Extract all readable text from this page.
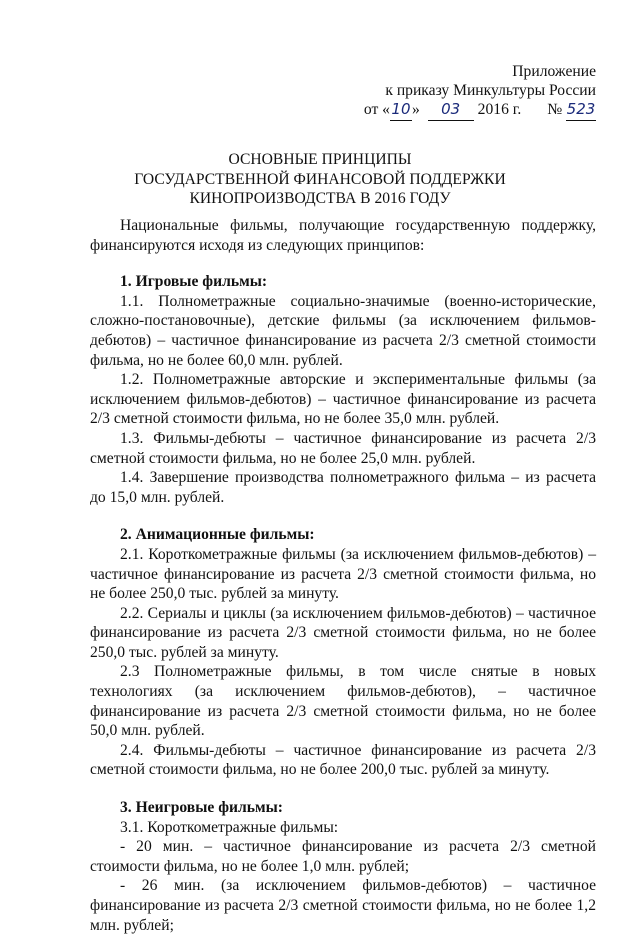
Приложение
к приказу Минкультуры России
от «10» 03 2016 г. № 523
ОСНОВНЫЕ ПРИНЦИПЫ
ГОСУДАРСТВЕННОЙ ФИНАНСОВОЙ ПОДДЕРЖКИ
КИНОПРОИЗВОДСТВА В 2016 ГОДУ

Национальные фильмы, получающие государственную поддержку, финансируются исходя из следующих принципов:

1. Игровые фильмы:

1.1. Полнометражные социально-значимые (военно-исторические, сложно-постановочные), детские фильмы (за исключением фильмов-дебютов) – частичное финансирование из расчета 2/3 сметной стоимости фильма, но не более 60,0 млн. рублей.

1.2. Полнометражные авторские и экспериментальные фильмы (за исключением фильмов-дебютов) – частичное финансирование из расчета 2/3 сметной стоимости фильма, но не более 35,0 млн. рублей.

1.3. Фильмы-дебюты – частичное финансирование из расчета 2/3 сметной стоимости фильма, но не более 25,0 млн. рублей.

1.4. Завершение производства полнометражного фильма – из расчета до 15,0 млн. рублей.

2. Анимационные фильмы:

2.1. Короткометражные фильмы (за исключением фильмов-дебютов) – частичное финансирование из расчета 2/3 сметной стоимости фильма, но не более 250,0 тыс. рублей за минуту.

2.2. Сериалы и циклы (за исключением фильмов-дебютов) – частичное финансирование из расчета 2/3 сметной стоимости фильма, но не более 250,0 тыс. рублей за минуту.

2.3 Полнометражные фильмы, в том числе снятые в новых технологиях (за исключением фильмов-дебютов), – частичное финансирование из расчета 2/3 сметной стоимости фильма, но не более 50,0 млн. рублей.

2.4. Фильмы-дебюты – частичное финансирование из расчета 2/3 сметной стоимости фильма, но не более 200,0 тыс. рублей за минуту.

3. Неигровые фильмы:

3.1. Короткометражные фильмы:

- 20 мин. – частичное финансирование из расчета 2/3 сметной стоимости фильма, но не более 1,0 млн. рублей;

- 26 мин. (за исключением фильмов-дебютов) – частичное финансирование из расчета 2/3 сметной стоимости фильма, но не более 1,2 млн. рублей;
